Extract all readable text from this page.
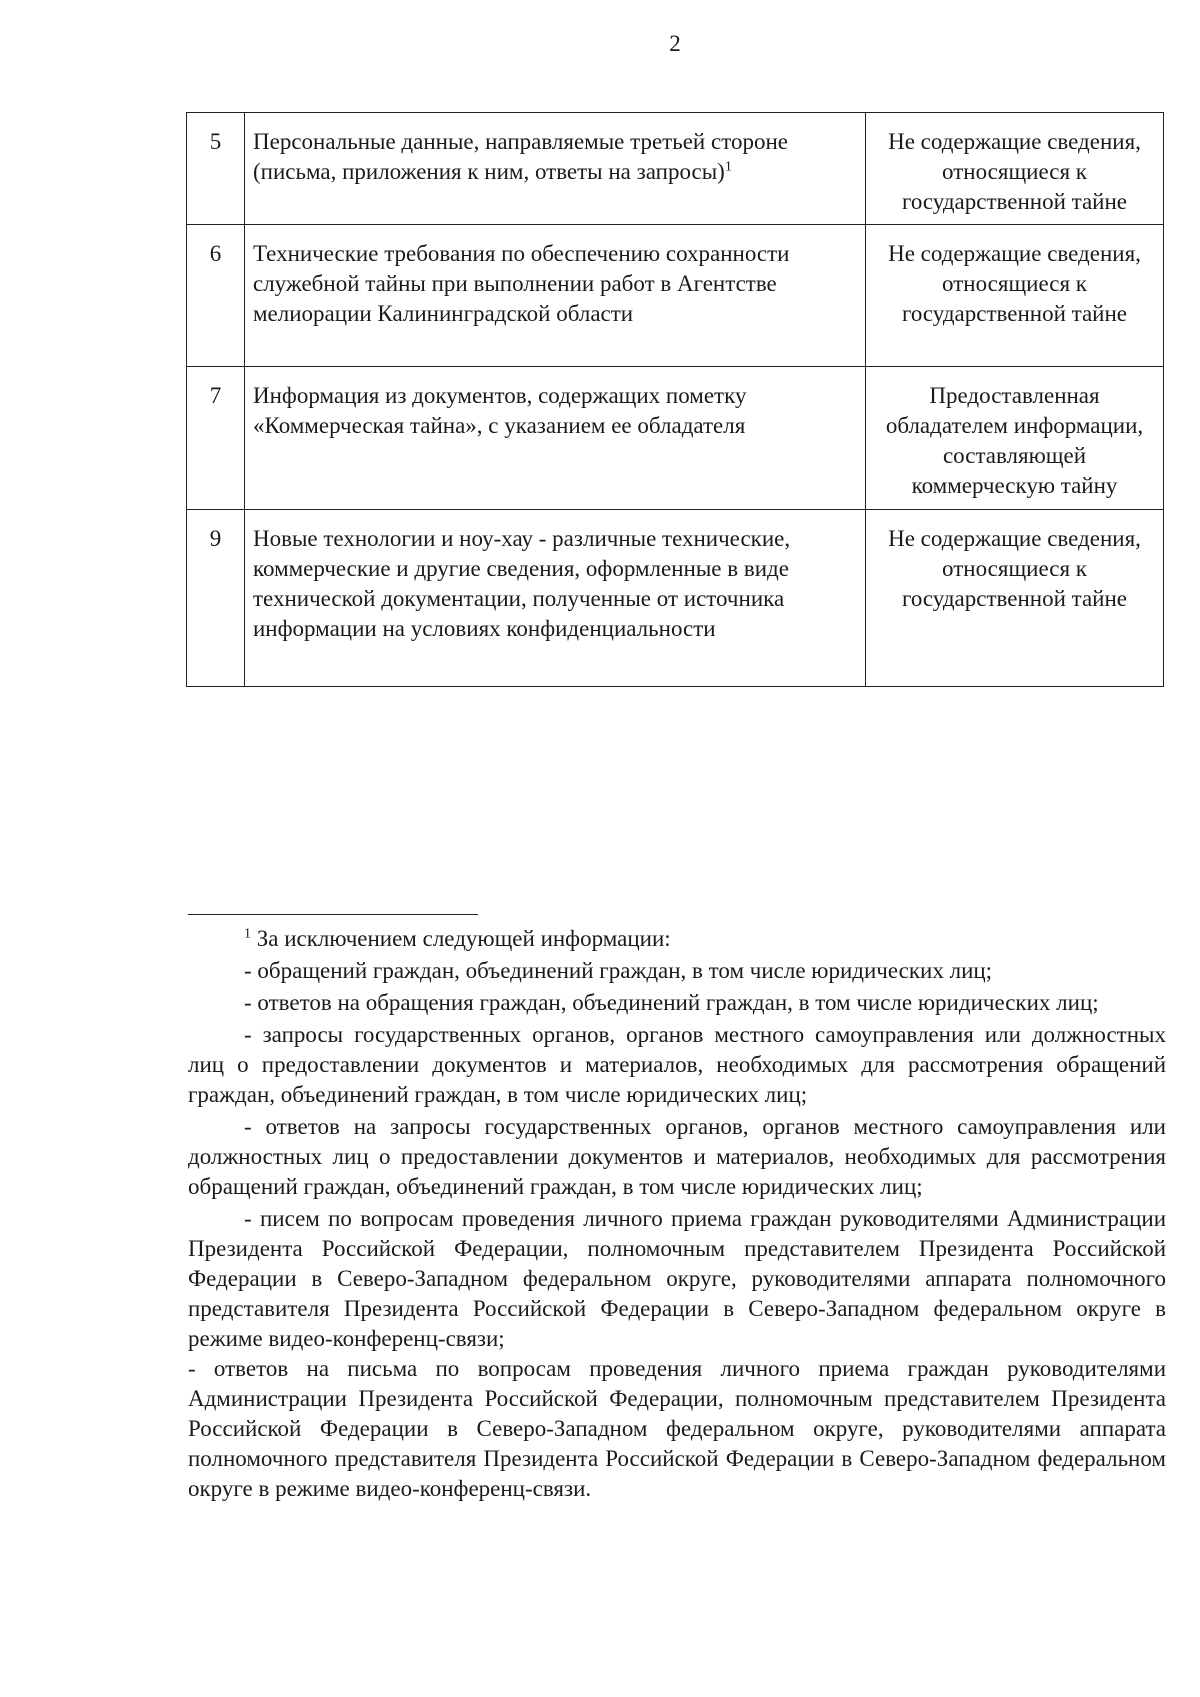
2
5	Персональные данные, направляемые третьей стороне (письма, приложения к ним, ответы на запросы)$^1$	Не содержащие сведения, относящиеся к государственной тайне
6	Технические требования по обеспечению сохранности служебной тайны при выполнении работ в Агентстве мелиорации Калининградской области	Не содержащие сведения, относящиеся к государственной тайне
7	Информация из документов, содержащих пометку «Коммерческая тайна», с указанием ее обладателя	Предоставленная обладателем информации, составляющей коммерческую тайну
9	Новые технологии и ноу-хау - различные технические, коммерческие и другие сведения, оформленные в виде технической документации, полученные от источника информации на условиях конфиденциальности	Не содержащие сведения, относящиеся к государственной тайне

$^1$ За исключением следующей информации:

- обращений граждан, объединений граждан, в том числе юридических лиц;

- ответов на обращения граждан, объединений граждан, в том числе юридических лиц;

- запросы государственных органов, органов местного самоуправления или должностных лиц о предоставлении документов и материалов, необходимых для рассмотрения обращений граждан, объединений граждан, в том числе юридических лиц;

- ответов на запросы государственных органов, органов местного самоуправления или должностных лиц о предоставлении документов и материалов, необходимых для рассмотрения обращений граждан, объединений граждан, в том числе юридических лиц;

- писем по вопросам проведения личного приема граждан руководителями Администрации Президента Российской Федерации, полномочным представителем Президента Российской Федерации в Северо-Западном федеральном округе, руководителями аппарата полномочного представителя Президента Российской Федерации в Северо-Западном федеральном округе в режиме видео-конференц-связи;

- ответов на письма по вопросам проведения личного приема граждан руководителями Администрации Президента Российской Федерации, полномочным представителем Президента Российской Федерации в Северо-Западном федеральном округе, руководителями аппарата полномочного представителя Президента Российской Федерации в Северо-Западном федеральном округе в режиме видео-конференц-связи.
